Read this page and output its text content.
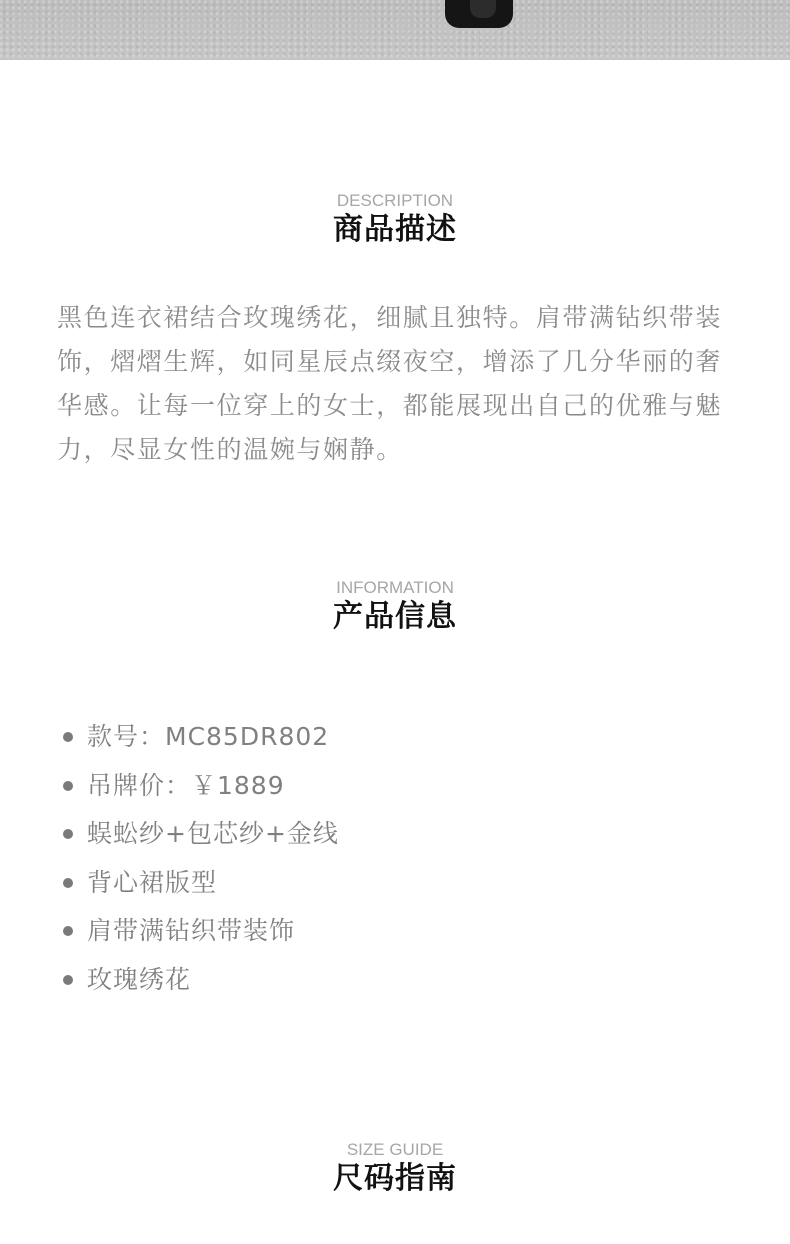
DESCRIPTION
商品描述

黑色连衣裙结合玫瑰绣花，细腻且独特。肩带满钻织带装饰，熠熠生辉，如同星辰点缀夜空，增添了几分华丽的奢华感。让每一位穿上的女士，都能展现出自己的优雅与魅力，尽显女性的温婉与娴静。

INFORMATION
产品信息
款号：MC85DR802
吊牌价：￥1889
蜈蚣纱+包芯纱+金线
背心裙版型
肩带满钻织带装饰
玫瑰绣花
SIZE GUIDE
尺码指南
